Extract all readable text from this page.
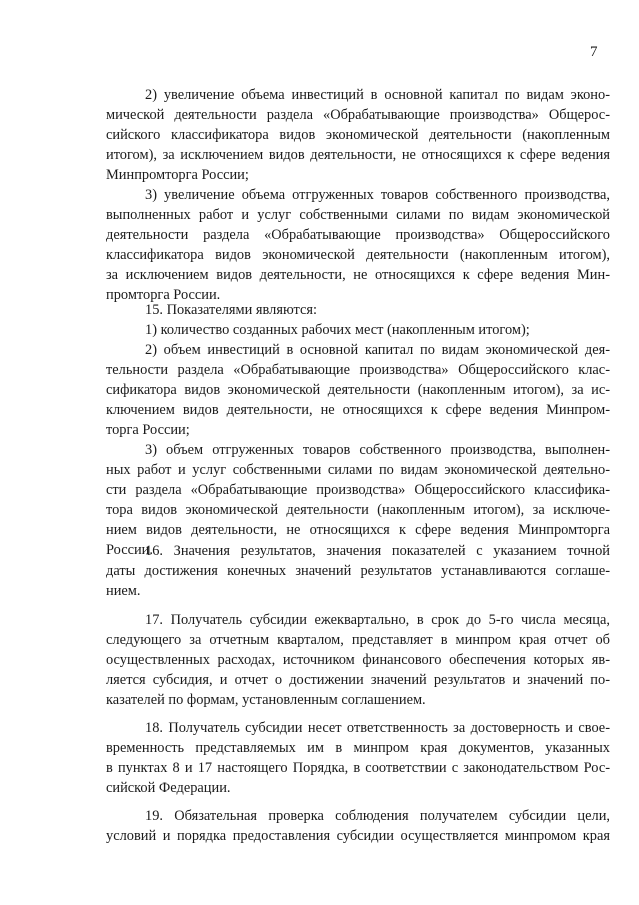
7
2) увеличение объема инвестиций в основной капитал по видам эконо-
мической деятельности раздела «Обрабатывающие производства» Общерос-
сийского классификатора видов экономической деятельности (накопленным
итогом), за исключением видов деятельности, не относящихся к сфере ведения
Минпромторга России;
3) увеличение объема отгруженных товаров собственного производства,
выполненных работ и услуг собственными силами по видам экономической
деятельности раздела «Обрабатывающие производства» Общероссийского
классификатора видов экономической деятельности (накопленным итогом),
за исключением видов деятельности, не относящихся к сфере ведения Мин-
промторга России.
15. Показателями являются:
1) количество созданных рабочих мест (накопленным итогом);
2) объем инвестиций в основной капитал по видам экономической дея-
тельности раздела «Обрабатывающие производства» Общероссийского клас-
сификатора видов экономической деятельности (накопленным итогом), за ис-
ключением видов деятельности, не относящихся к сфере ведения Минпром-
торга России;
3) объем отгруженных товаров собственного производства, выполнен-
ных работ и услуг собственными силами по видам экономической деятельно-
сти раздела «Обрабатывающие производства» Общероссийского классифика-
тора видов экономической деятельности (накопленным итогом), за исключе-
нием видов деятельности, не относящихся к сфере ведения Минпромторга
России.
16. Значения результатов, значения показателей с указанием точной
даты достижения конечных значений результатов устанавливаются соглаше-
нием.
17. Получатель субсидии ежеквартально, в срок до 5-го числа месяца,
следующего за отчетным кварталом, представляет в минпром края отчет об
осуществленных расходах, источником финансового обеспечения которых яв-
ляется субсидия, и отчет о достижении значений результатов и значений по-
казателей по формам, установленным соглашением.
18. Получатель субсидии несет ответственность за достоверность и свое-
временность представляемых им в минпром края документов, указанных
в пунктах 8 и 17 настоящего Порядка, в соответствии с законодательством Рос-
сийской Федерации.
19. Обязательная проверка соблюдения получателем субсидии цели,
условий и порядка предоставления субсидии осуществляется минпромом края
